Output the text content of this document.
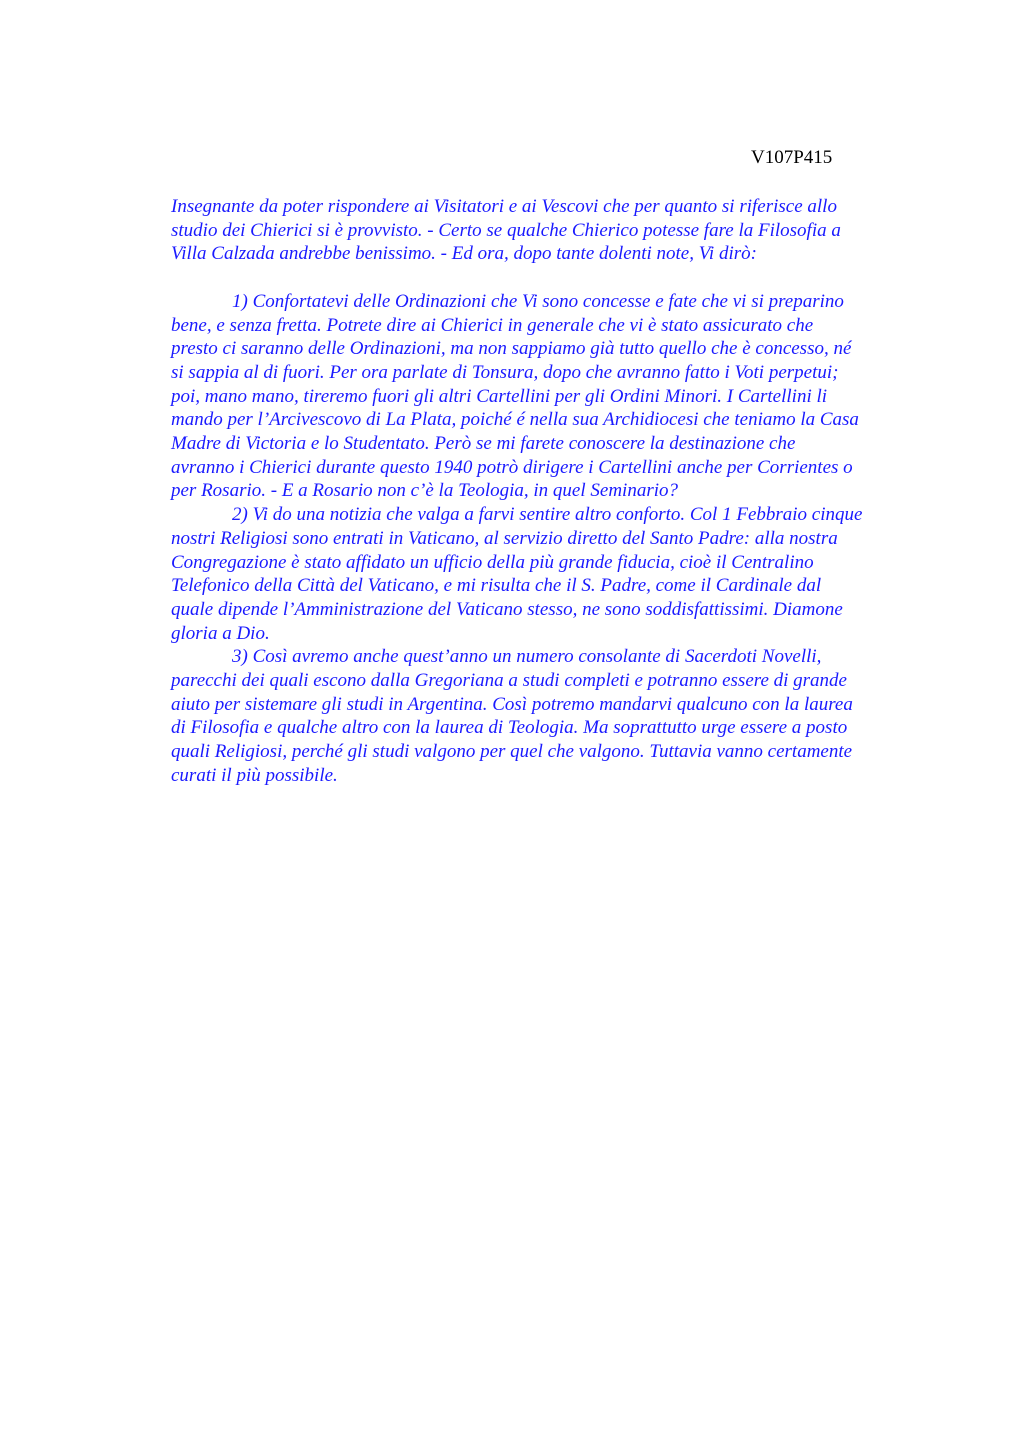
V107P415

Insegnante da poter rispondere ai Visitatori e ai Vescovi che per quanto si riferisce allo
studio dei Chierici si è provvisto. - Certo se qualche Chierico potesse fare la Filosofia a
Villa Calzada andrebbe benissimo. - Ed ora, dopo tante dolenti note, Vi dirò:

1) Confortatevi delle Ordinazioni che Vi sono concesse e fate che vi si preparino
bene, e senza fretta. Potrete dire ai Chierici in generale che vi è stato assicurato che
presto ci saranno delle Ordinazioni, ma non sappiamo già tutto quello che è concesso, né
si sappia al di fuori. Per ora parlate di Tonsura, dopo che avranno fatto i Voti perpetui;
poi, mano mano, tireremo fuori gli altri Cartellini per gli Ordini Minori. I Cartellini li
mando per l’Arcivescovo di La Plata, poiché é nella sua Archidiocesi che teniamo la Casa
Madre di Victoria e lo Studentato. Però se mi farete conoscere la destinazione che
avranno i Chierici durante questo 1940 potrò dirigere i Cartellini anche per Corrientes o
per Rosario. - E a Rosario non c’è la Teologia, in quel Seminario?

2) Vi do una notizia che valga a farvi sentire altro conforto. Col 1 Febbraio cinque
nostri Religiosi sono entrati in Vaticano, al servizio diretto del Santo Padre: alla nostra
Congregazione è stato affidato un ufficio della più grande fiducia, cioè il Centralino
Telefonico della Città del Vaticano, e mi risulta che il S. Padre, come il Cardinale dal
quale dipende l’Amministrazione del Vaticano stesso, ne sono soddisfattissimi. Diamone
gloria a Dio.

3) Così avremo anche quest’anno un numero consolante di Sacerdoti Novelli,
parecchi dei quali escono dalla Gregoriana a studi completi e potranno essere di grande
aiuto per sistemare gli studi in Argentina. Così potremo mandarvi qualcuno con la laurea
di Filosofia e qualche altro con la laurea di Teologia. Ma soprattutto urge essere a posto
quali Religiosi, perché gli studi valgono per quel che valgono. Tuttavia vanno certamente
curati il più possibile.
